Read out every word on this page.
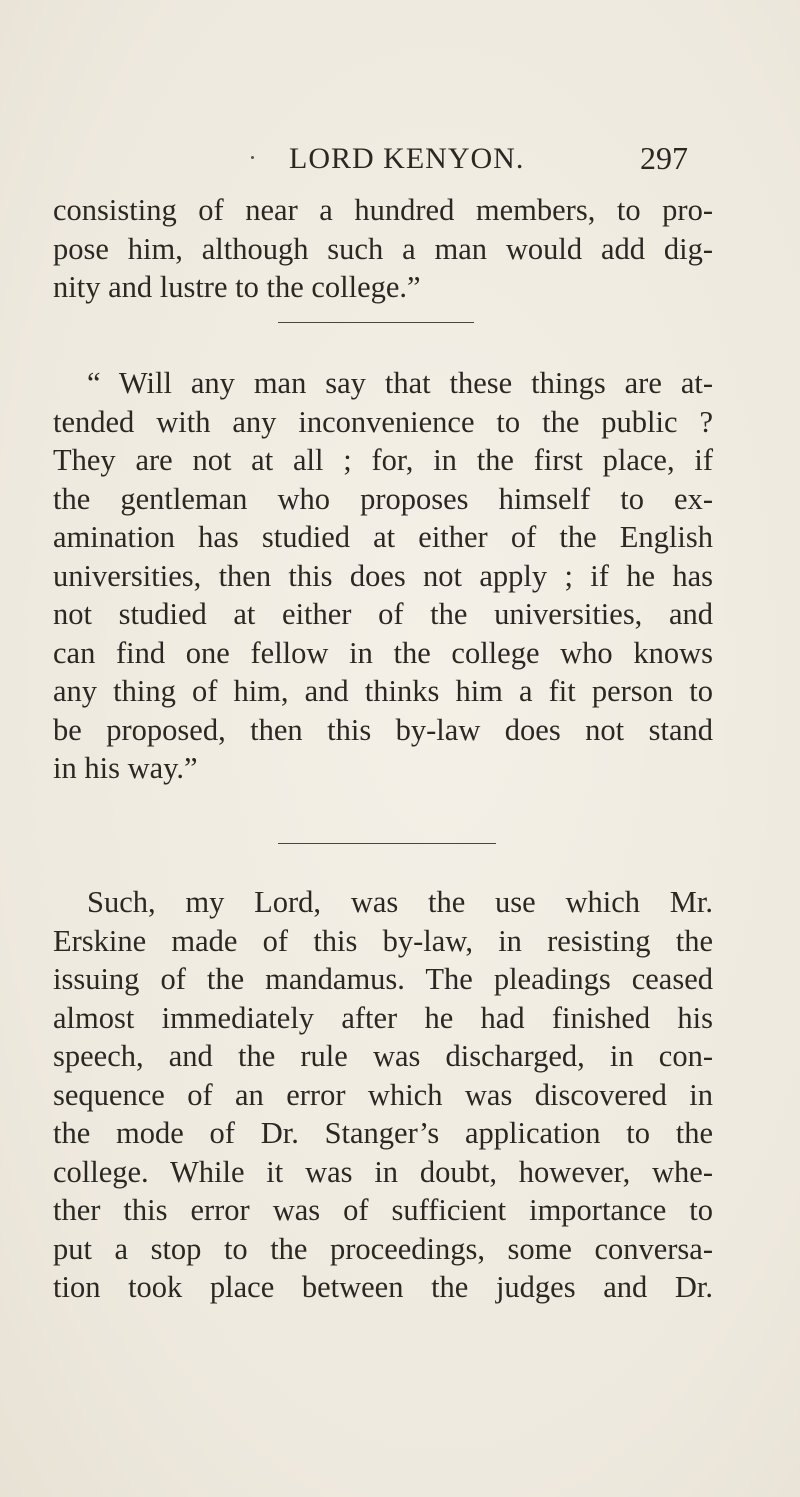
LORD KENYON.	297

consisting of near a hundred members, to pro-
pose him, although such a man would add dig-
nity and lustre to the college.”

“ Will any man say that these things are at-
tended with any inconvenience to the public ?
They are not at all ; for, in the first place, if
the gentleman who proposes himself to ex-
amination has studied at either of the English
universities, then this does not apply ; if he has
not studied at either of the universities, and
can find one fellow in the college who knows
any thing of him, and thinks him a fit person to
be proposed, then this by-law does not stand
in his way.”

Such, my Lord, was the use which Mr.
Erskine made of this by-law, in resisting the
issuing of the mandamus. The pleadings ceased
almost immediately after he had finished his
speech, and the rule was discharged, in con-
sequence of an error which was discovered in
the mode of Dr. Stanger’s application to the
college. While it was in doubt, however, whe-
ther this error was of sufficient importance to
put a stop to the proceedings, some conversa-
tion took place between the judges and Dr.
